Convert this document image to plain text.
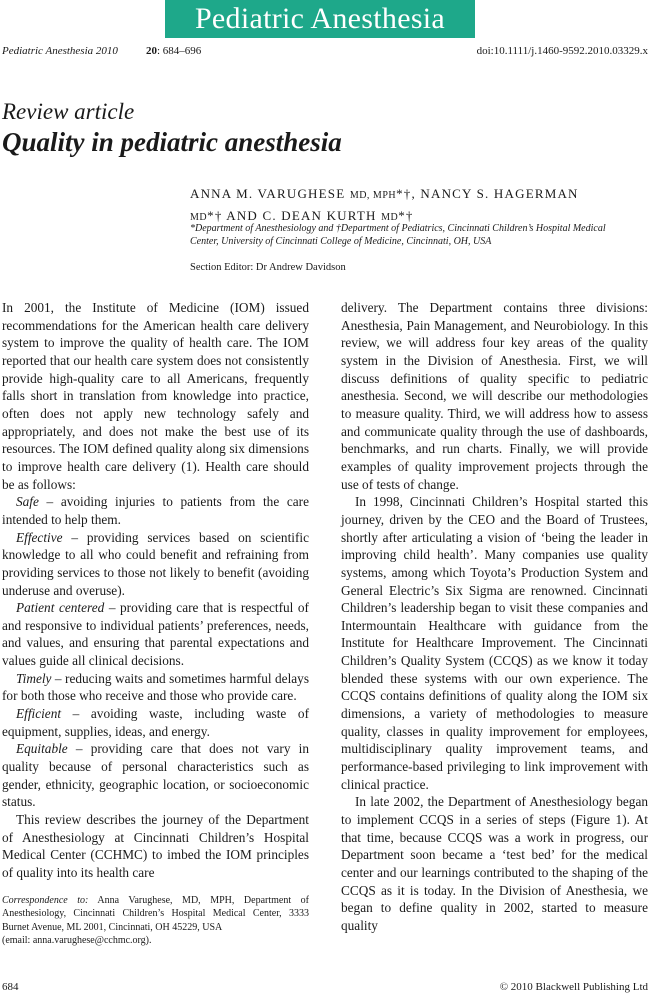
Pediatric Anesthesia
Pediatric Anesthesia 2010	20: 684–696	doi:10.1111/j.1460-9592.2010.03329.x
Review article
Quality in pediatric anesthesia
ANNA M. VARUGHESE MD, MPH*†, NANCY S. HAGERMAN
MD*† AND C. DEAN KURTH MD*†
*Department of Anesthesiology and †Department of Pediatrics, Cincinnati Children’s Hospital Medical Center, University of Cincinnati College of Medicine, Cincinnati, OH, USA
Section Editor: Dr Andrew Davidson

In 2001, the Institute of Medicine (IOM) issued recommendations for the American health care delivery system to improve the quality of health care. The IOM reported that our health care system does not consistently provide high-quality care to all Americans, frequently falls short in translation from knowledge into practice, often does not apply new technology safely and appropriately, and does not make the best use of its resources. The IOM defined quality along six dimensions to improve health care delivery (1). Health care should be as follows:

Safe – avoiding injuries to patients from the care intended to help them.

Effective – providing services based on scientific knowledge to all who could benefit and refraining from providing services to those not likely to benefit (avoiding underuse and overuse).

Patient centered – providing care that is respectful of and responsive to individual patients’ preferences, needs, and values, and ensuring that parental expectations and values guide all clinical decisions.

Timely – reducing waits and sometimes harmful delays for both those who receive and those who provide care.

Efficient – avoiding waste, including waste of equipment, supplies, ideas, and energy.

Equitable – providing care that does not vary in quality because of personal characteristics such as gender, ethnicity, geographic location, or socioeconomic status.

This review describes the journey of the Department of Anesthesiology at Cincinnati Children’s Hospital Medical Center (CCHMC) to imbed the IOM principles of quality into its health care

Correspondence to: Anna Varughese, MD, MPH, Department of Anesthesiology, Cincinnati Children’s Hospital Medical Center, 3333 Burnet Avenue, ML 2001, Cincinnati, OH 45229, USA
(email: anna.varughese@cchmc.org).

delivery. The Department contains three divisions: Anesthesia, Pain Management, and Neurobiology. In this review, we will address four key areas of the quality system in the Division of Anesthesia. First, we will discuss definitions of quality specific to pediatric anesthesia. Second, we will describe our methodologies to measure quality. Third, we will address how to assess and communicate quality through the use of dashboards, benchmarks, and run charts. Finally, we will provide examples of quality improvement projects through the use of tests of change.

In 1998, Cincinnati Children’s Hospital started this journey, driven by the CEO and the Board of Trustees, shortly after articulating a vision of ‘being the leader in improving child health’. Many companies use quality systems, among which Toyota’s Production System and General Electric’s Six Sigma are renowned. Cincinnati Children’s leadership began to visit these companies and Intermountain Healthcare with guidance from the Institute for Healthcare Improvement. The Cincinnati Children’s Quality System (CCQS) as we know it today blended these systems with our own experience. The CCQS contains definitions of quality along the IOM six dimensions, a variety of methodologies to measure quality, classes in quality improvement for employees, multidisciplinary quality improvement teams, and performance-based privileging to link improvement with clinical practice.

In late 2002, the Department of Anesthesiology began to implement CCQS in a series of steps (Figure 1). At that time, because CCQS was a work in progress, our Department soon became a ‘test bed’ for the medical center and our learnings contributed to the shaping of the CCQS as it is today. In the Division of Anesthesia, we began to define quality in 2002, started to measure quality

684	© 2010 Blackwell Publishing Ltd
